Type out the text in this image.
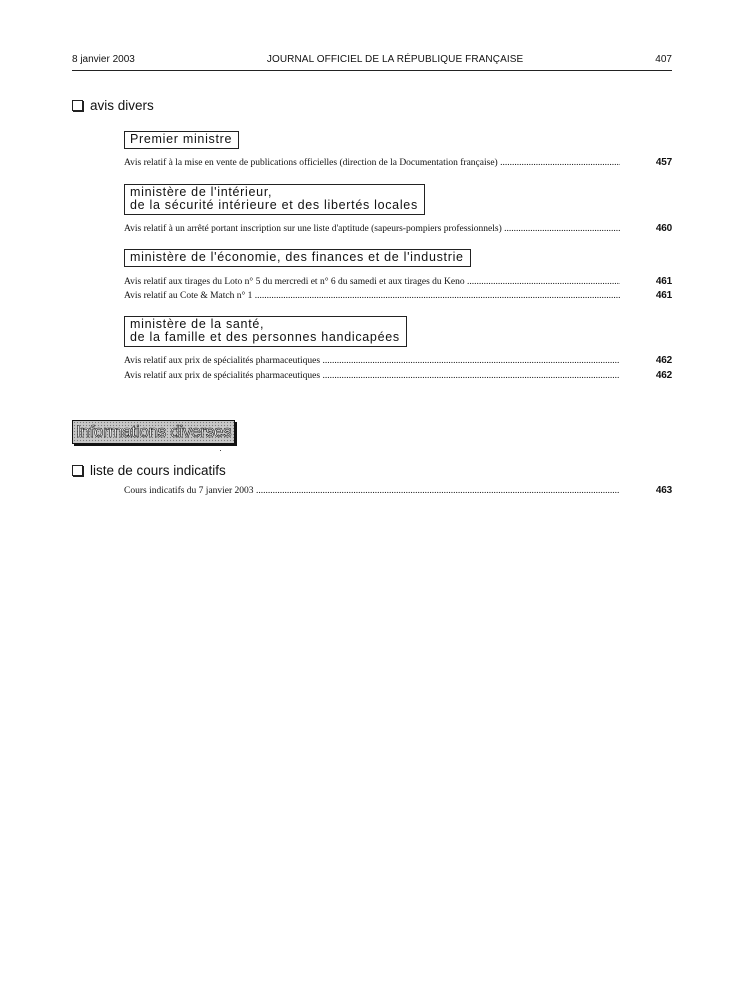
8 janvier 2003	JOURNAL OFFICIEL DE LA RÉPUBLIQUE FRANÇAISE	407
avis divers
Premier ministre
Avis relatif à la mise en vente de publications officielles (direction de la Documentation française) .....	457
ministère de l'intérieur,
de la sécurité intérieure et des libertés locales
Avis relatif à un arrêté portant inscription sur une liste d'aptitude (sapeurs-pompiers professionnels) .....	460
ministère de l'économie, des finances et de l'industrie
Avis relatif aux tirages du Loto n° 5 du mercredi et n° 6 du samedi et aux tirages du Keno .....	461
Avis relatif au Cote & Match n° 1 .....	461
ministère de la santé,
de la famille et des personnes handicapées
Avis relatif aux prix de spécialités pharmaceutiques .....	462
Avis relatif aux prix de spécialités pharmaceutiques .....	462
Informations diverses
liste de cours indicatifs
Cours indicatifs du 7 janvier 2003 .....	463
